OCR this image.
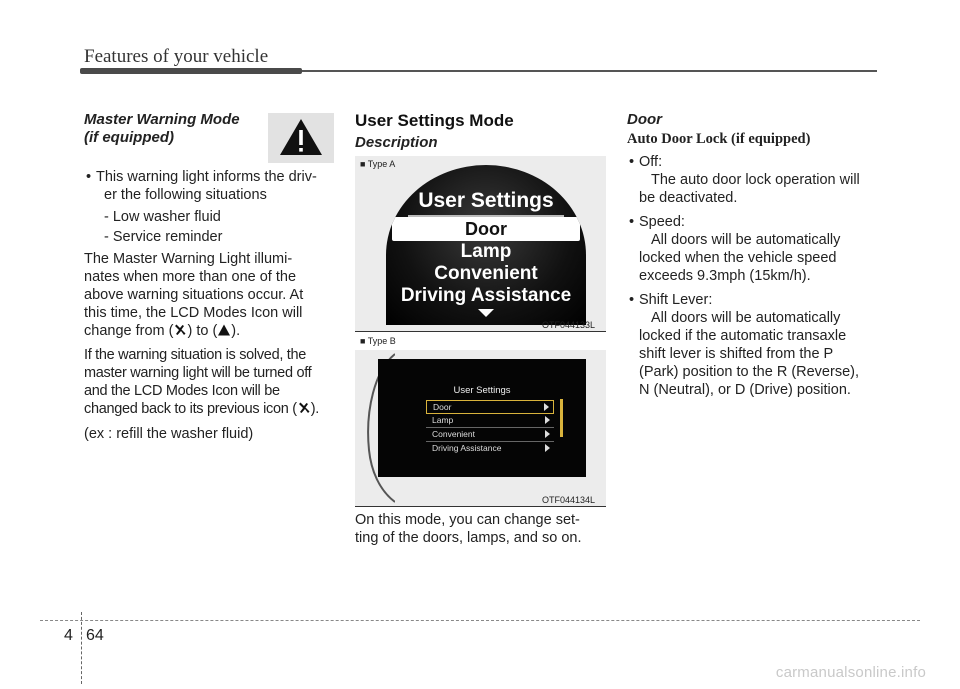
Features of your vehicle
Master Warning Mode
(if equipped)
• This warning light informs the driv-
er the following situations
- Low washer fluid
- Service reminder
The Master Warning Light illumi-
nates when more than one of the
above warning situations occur. At
this time, the LCD Modes Icon will
change from ( ) to ( ).
If the warning situation is solved, the
master warning light will be turned off
and the LCD Modes Icon will be
changed back to its previous icon ( ).
(ex : refill the washer fluid)
User Settings Mode
Description
■ Type A
User Settings
Door
Lamp
Convenient
Driving Assistance
OTF044133L
■ Type B
User Settings
Door
Lamp
Convenient
Driving Assistance
OTF044134L
On this mode, you can change set-
ting of the doors, lamps, and so on.
Door
Auto Door Lock (if equipped)
• Off:
The auto door lock operation will
be deactivated.
• Speed:
All doors will be automatically
locked when the vehicle speed
exceeds 9.3mph (15km/h).
• Shift Lever:
All doors will be automatically
locked if the automatic transaxle
shift lever is shifted from the P
(Park) position to the R (Reverse),
N (Neutral), or D (Drive) position.
4 64
carmanualsonline.info
